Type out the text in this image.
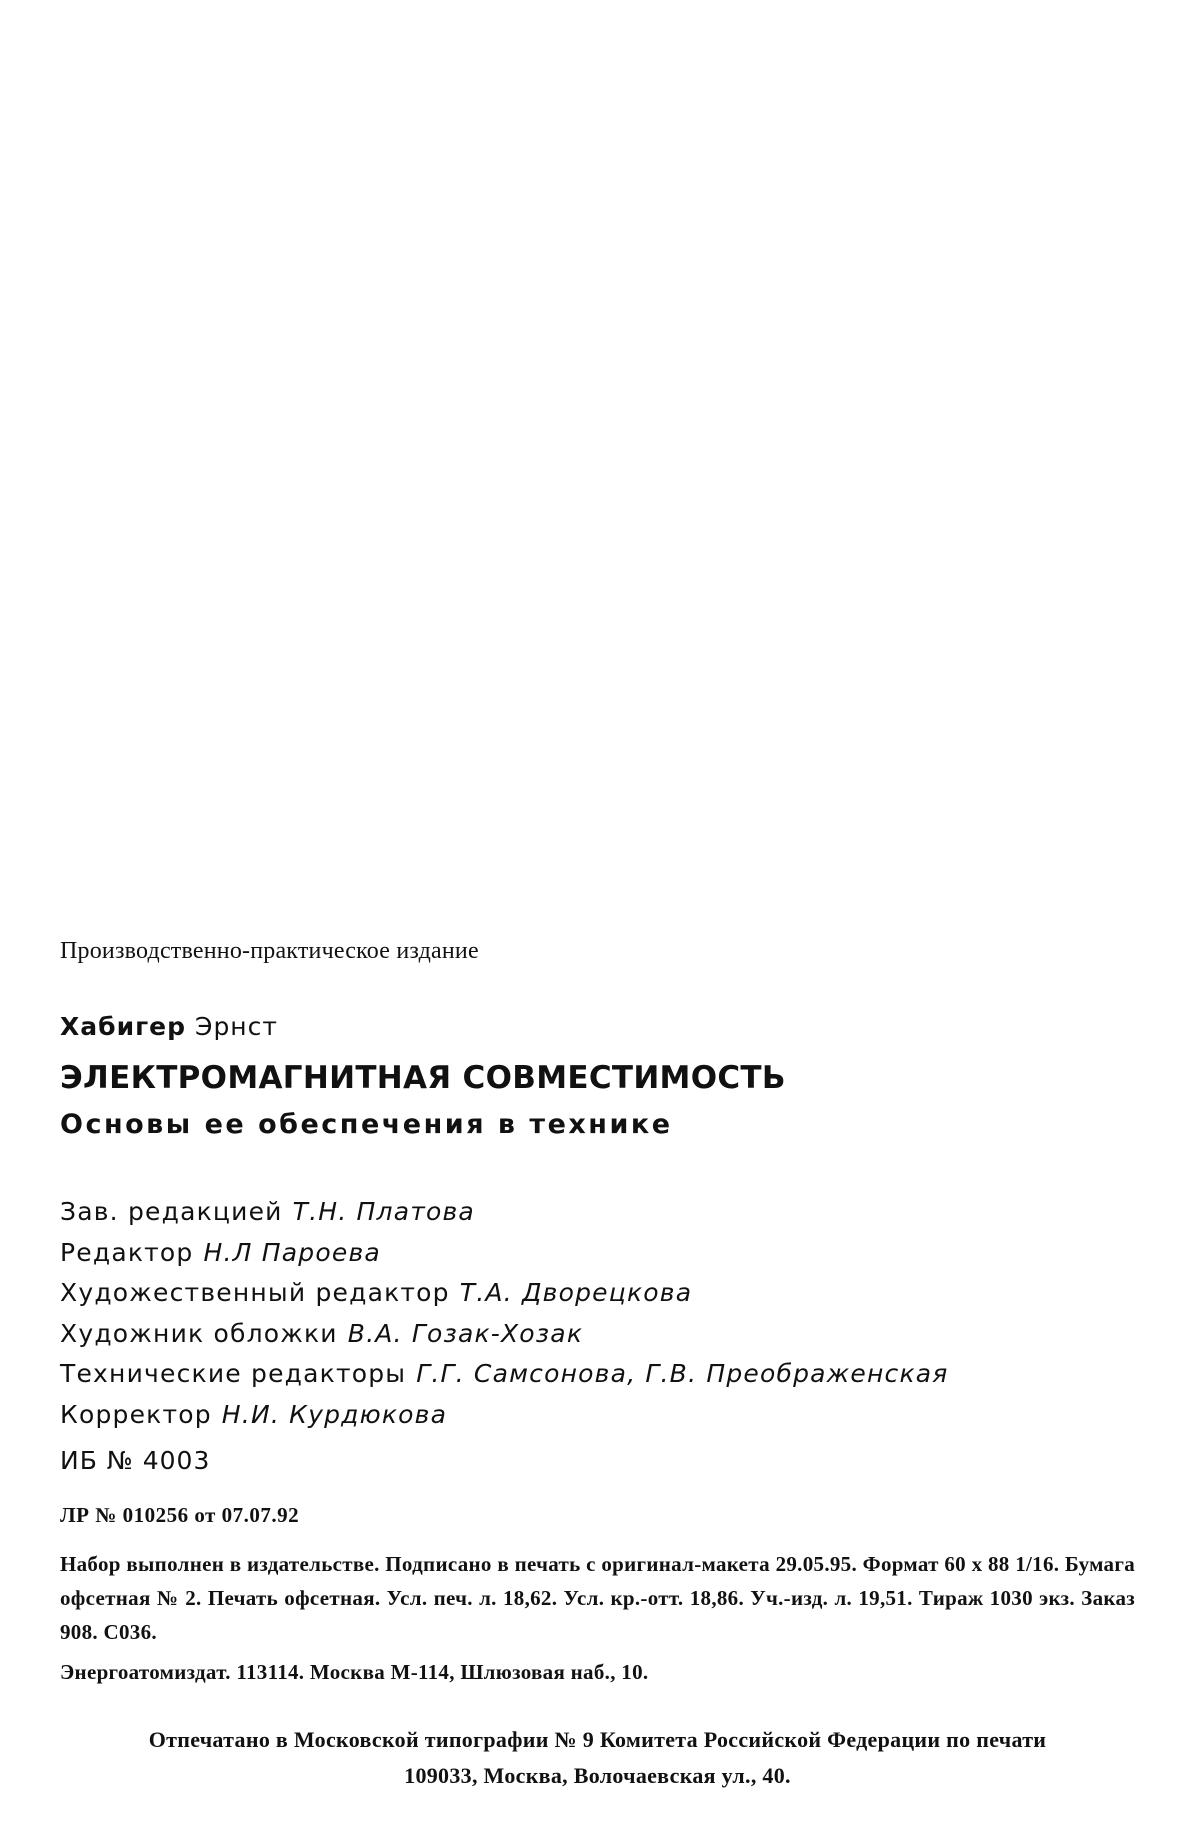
Производственно-практическое издание
Хабигер Эрнст
ЭЛЕКТРОМАГНИТНАЯ СОВМЕСТИМОСТЬ
Основы ее обеспечения в технике
Зав. редакцией Т.Н. Платова
Редактор Н.Л Пароева
Художественный редактор Т.А. Дворецкова
Художник обложки В.А. Гозак-Хозак
Технические редакторы Г.Г. Самсонова, Г.В. Преображенская
Корректор Н.И. Курдюкова
ИБ № 4003
ЛР № 010256 от 07.07.92
Набор выполнен в издательстве. Подписано в печать с оригинал-макета 29.05.95. Формат 60 х 88 1/16. Бумага офсетная № 2. Печать офсетная. Усл. печ. л. 18,62. Усл. кр.-отт. 18,86. Уч.-изд. л. 19,51. Тираж 1030 экз. Заказ 908. С036.
Энергоатомиздат. 113114. Москва М-114, Шлюзовая наб., 10.
Отпечатано в Московской типографии № 9 Комитета Российской Федерации по печати
109033, Москва, Волочаевская ул., 40.
